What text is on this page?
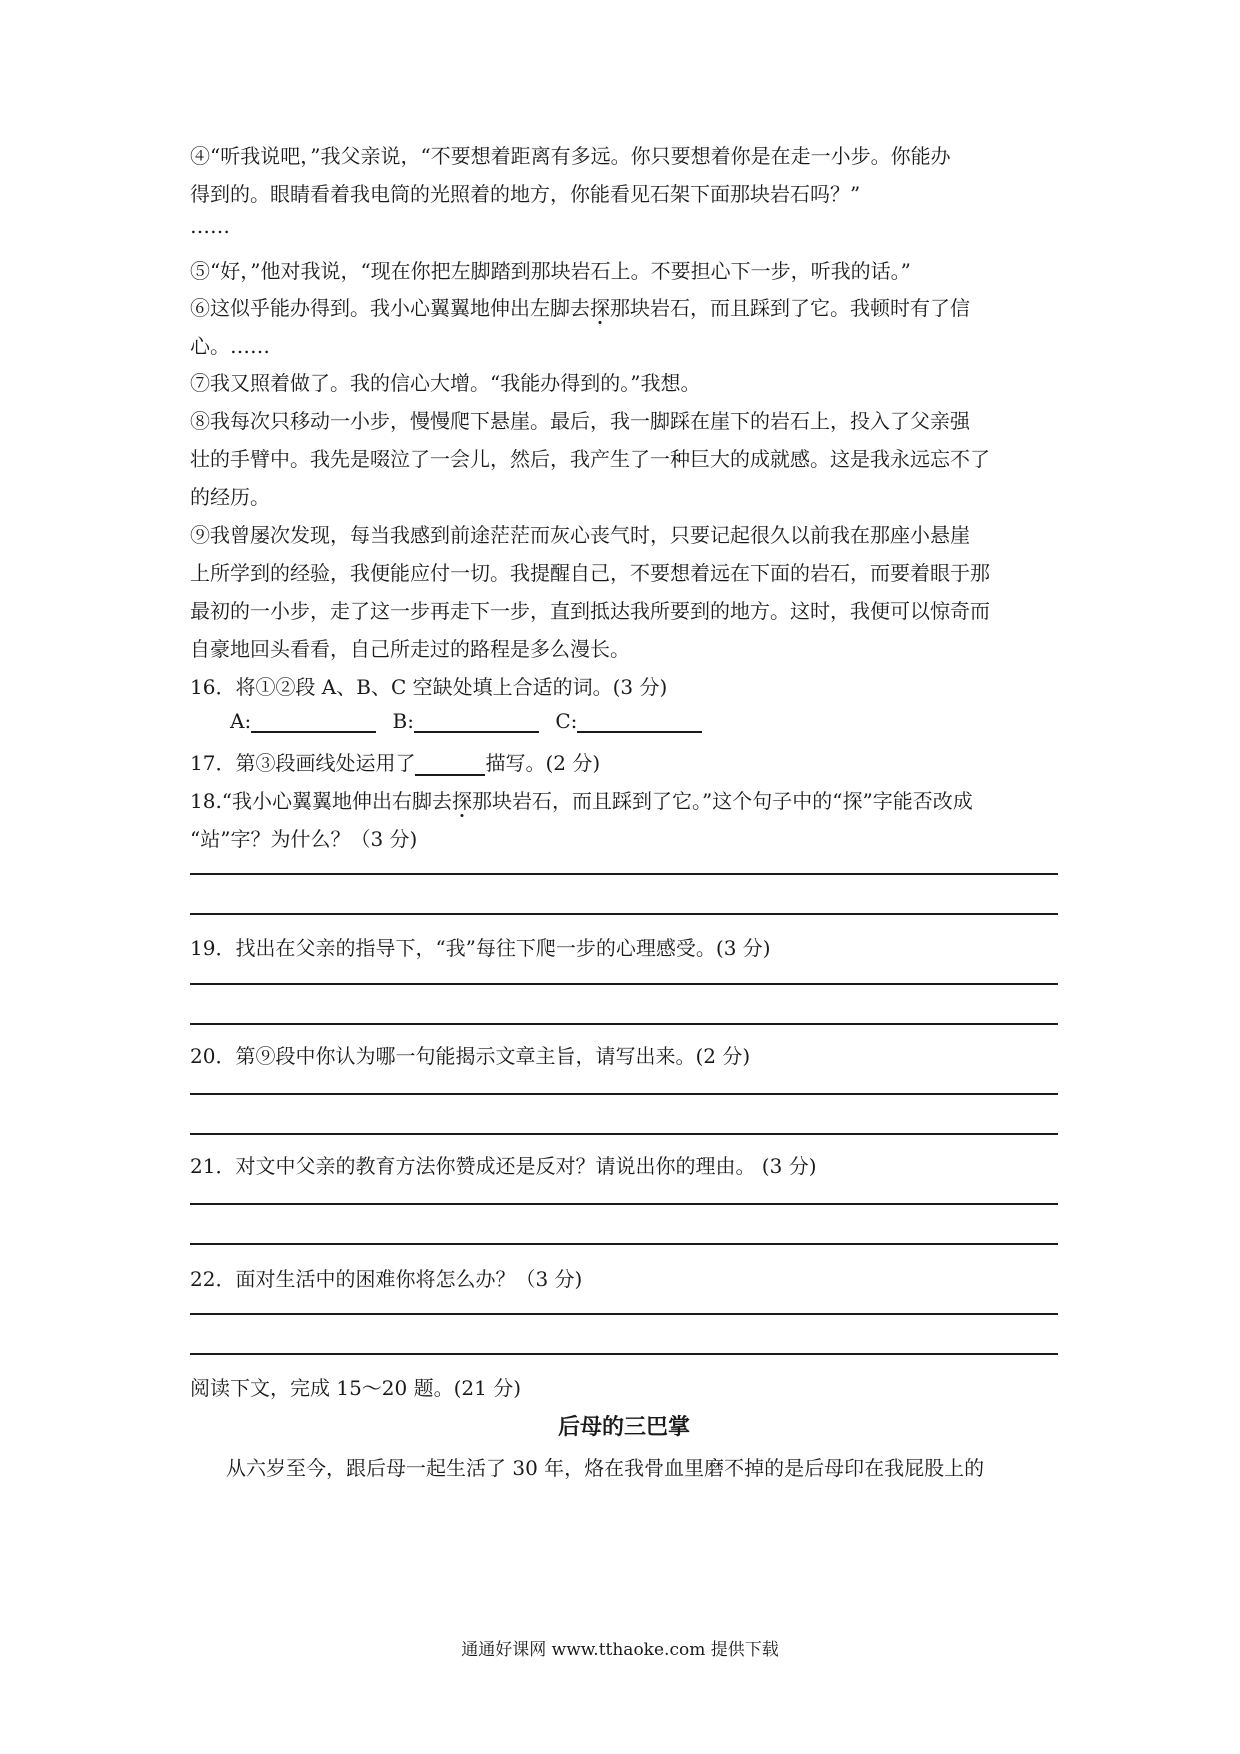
④“听我说吧，”我父亲说，“不要想着距离有多远。你只要想着你是在走一小步。你能办
得到的。眼睛看着我电筒的光照着的地方，你能看见石架下面那块岩石吗？”
……
⑤“好，”他对我说，“现在你把左脚踏到那块岩石上。不要担心下一步，听我的话。”
⑥这似乎能办得到。我小心翼翼地伸出左脚去探那块岩石，而且踩到了它。我顿时有了信
心。……
⑦我又照着做了。我的信心大增。“我能办得到的。”我想。
⑧我每次只移动一小步，慢慢爬下悬崖。最后，我一脚踩在崖下的岩石上，投入了父亲强
壮的手臂中。我先是啜泣了一会儿，然后，我产生了一种巨大的成就感。这是我永远忘不了
的经历。
⑨我曾屡次发现，每当我感到前途茫茫而灰心丧气时，只要记起很久以前我在那座小悬崖
上所学到的经验，我便能应付一切。我提醒自己，不要想着远在下面的岩石，而要着眼于那
最初的一小步，走了这一步再走下一步，直到抵达我所要到的地方。这时，我便可以惊奇而
自豪地回头看看，自己所走过的路程是多么漫长。
16．将①②段 A、B、C 空缺处填上合适的词。(3 分)
A:	B:	C:
17．第③段画线处运用了	描写。(2 分)
18.“我小心翼翼地伸出右脚去探那块岩石，而且踩到了它。”这个句子中的“探”字能否改成
“站”字？为什么？（3 分)
19．找出在父亲的指导下，“我”每往下爬一步的心理感受。(3 分)
20．第⑨段中你认为哪一句能揭示文章主旨，请写出来。(2 分)
21．对文中父亲的教育方法你赞成还是反对？请说出你的理由。 (3 分)
22．面对生活中的困难你将怎么办？（3 分)
阅读下文，完成 15～20 题。(21 分)
后母的三巴掌
从六岁至今，跟后母一起生活了 30 年，烙在我骨血里磨不掉的是后母印在我屁股上的
通通好课网 www.tthaoke.com 提供下载
